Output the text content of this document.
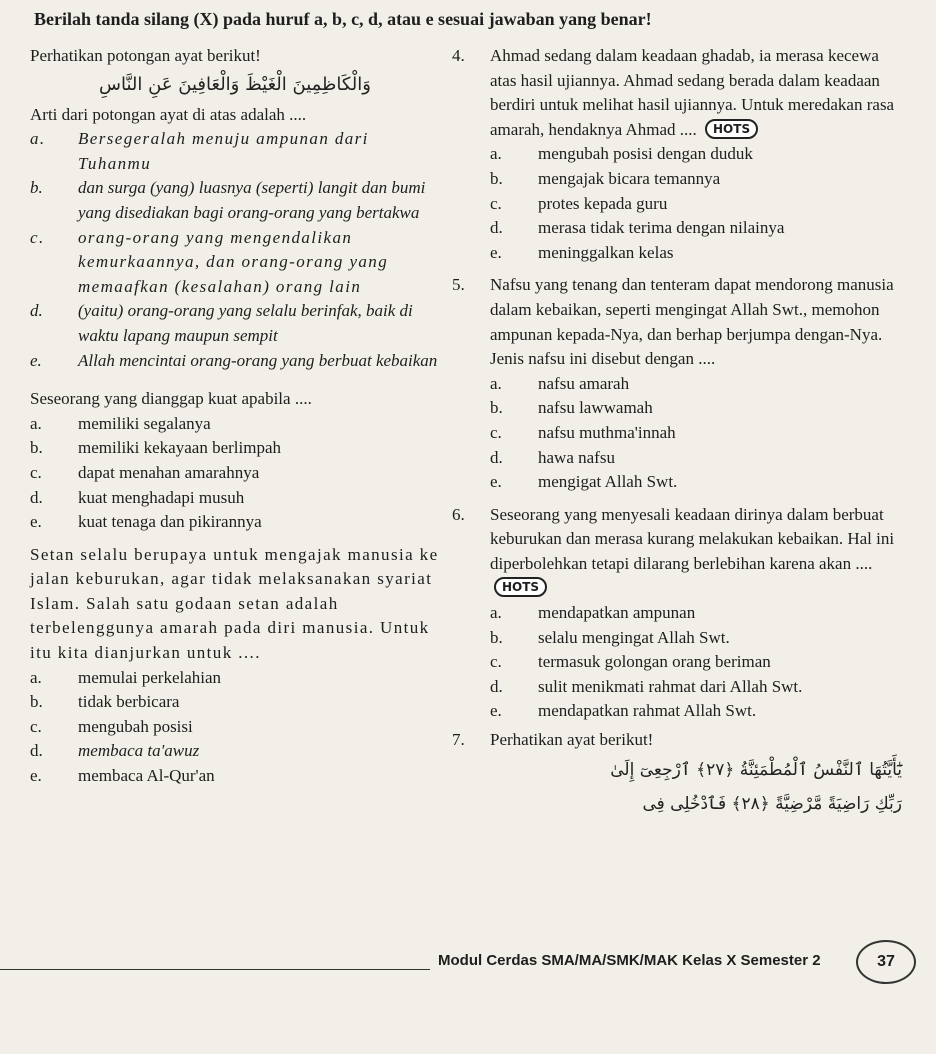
Berilah tanda silang (X) pada huruf a, b, c, d, atau e sesuai jawaban yang benar!

Perhatikan potongan ayat berikut!

وَالْكَاظِمِينَ الْغَيْظَ وَالْعَافِينَ عَنِ النَّاسِ
Arti dari potongan ayat di atas adalah ....
a.	Bersegeralah menuju ampunan dari Tuhanmu
b.	dan surga (yang) luasnya (seperti) langit dan bumi yang disediakan bagi orang-orang yang bertakwa
c.	orang-orang yang mengendalikan kemurkaannya, dan orang-orang yang memaafkan (kesalahan) orang lain
d.	(yaitu) orang-orang yang selalu berinfak, baik di waktu lapang maupun sempit
e.	Allah mencintai orang-orang yang berbuat kebaikan
Seseorang yang dianggap kuat apabila ....
a.	memiliki segalanya
b.	memiliki kekayaan berlimpah
c.	dapat menahan amarahnya
d.	kuat menghadapi musuh
e.	kuat tenaga dan pikirannya
Setan selalu berupaya untuk mengajak manusia ke jalan keburukan, agar tidak melaksanakan syariat Islam. Salah satu godaan setan adalah terbelenggunya amarah pada diri manusia. Untuk itu kita dianjurkan untuk ....
a.	memulai perkelahian
b.	tidak berbicara
c.	mengubah posisi
d.	membaca ta'awuz
e.	membaca Al-Qur'an
4.	Ahmad sedang dalam keadaan ghadab, ia merasa kecewa atas hasil ujiannya. Ahmad sedang berada dalam keadaan berdiri untuk melihat hasil ujiannya. Untuk meredakan rasa amarah, hendaknya Ahmad .... HOTS
a.	mengubah posisi dengan duduk
b.	mengajak bicara temannya
c.	protes kepada guru
d.	merasa tidak terima dengan nilainya
e.	meninggalkan kelas
5.	Nafsu yang tenang dan tenteram dapat mendorong manusia dalam kebaikan, seperti mengingat Allah Swt., memohon ampunan kepada-Nya, dan berhap berjumpa dengan-Nya. Jenis nafsu ini disebut dengan ....
a.	nafsu amarah
b.	nafsu lawwamah
c.	nafsu muthma'innah
d.	hawa nafsu
e.	mengigat Allah Swt.
6.	Seseorang yang menyesali keadaan dirinya dalam berbuat keburukan dan merasa kurang melakukan kebaikan. Hal ini diperbolehkan tetapi dilarang berlebihan karena akan .... HOTS
a.	mendapatkan ampunan
b.	selalu mengingat Allah Swt.
c.	termasuk golongan orang beriman
d.	sulit menikmati rahmat dari Allah Swt.
e.	mendapatkan rahmat Allah Swt.
7.	Perhatikan ayat berikut!
يَٰٓأَيَّتُهَا ٱلنَّفْسُ ٱلْمُطْمَئِنَّةُ ﴿٢٧﴾ ٱرْجِعِىٓ إِلَىٰ
رَبِّكِ رَاضِيَةً مَّرْضِيَّةً ﴿٢٨﴾ فَٱدْخُلِى فِى
Modul Cerdas SMA/MA/SMK/MAK Kelas X Semester 2	37
